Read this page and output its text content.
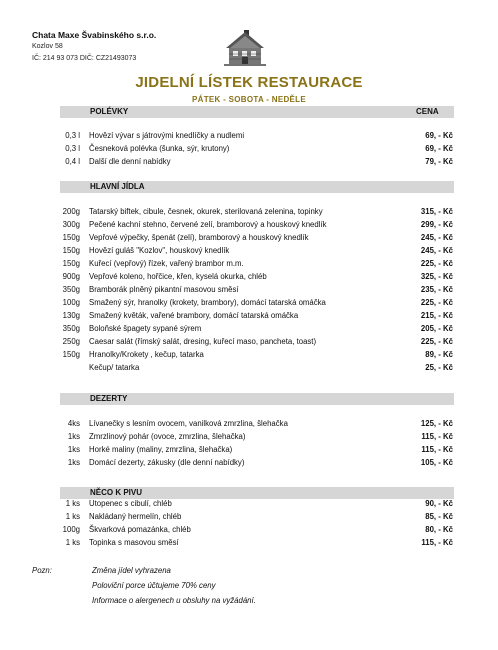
Chata Maxe Švabinského s.r.o.
Kozlov 58
IČ: 214 93 073 DIČ: CZ21493073
JIDELNÍ LÍSTEK RESTAURACE
PÁTEK - SOBOTA - NEDĚLE
POLÉVKY	CENA
0,3 l Hovězí vývar s játrovými knedlíčky a nudlemi	69, - Kč
0,3 l Česneková polévka (šunka, sýr, krutony)	69, - Kč
0,4 l Další dle denní nabídky	79, - Kč
HLAVNÍ JÍDLA
200g Tatarský biftek, cibule, česnek, okurek, sterilovaná zelenina, topinky	315, - Kč
300g Pečené kachní stehno, červené zelí, bramborový a houskový knedlík	299, - Kč
150g Vepřové výpečky, špenát (zelí), bramborový a houskový knedlík	245, - Kč
150g Hovězí guláš "Kozlov", houskový knedlík	245, - Kč
150g Kuřecí (vepřový) řízek, vařený brambor m.m.	225, - Kč
900g Vepřové koleno, hořčice, křen, kyselá okurka, chléb	325, - Kč
350g Bramborák plněný pikantní masovou směsí	235, - Kč
100g Smažený sýr, hranolky (krokety, brambory), domácí tatarská omáčka	225, - Kč
130g Smažený květák, vařené brambory, domácí tatarská omáčka	215, - Kč
350g Boloňské špagety sypané sýrem	205, - Kč
250g Caesar salát (římský salát, dresing, kuřecí maso, pancheta, toast)	225, - Kč
150g Hranolky/Krokety , kečup, tatarka	89, - Kč
Kečup/ tatarka	25, - Kč
DEZERTY
4ks Lívanečky s lesním ovocem, vanilková zmrzlina, šlehačka	125, - Kč
1ks Zmrzlinový pohár (ovoce, zmrzlina, šlehačka)	115, - Kč
1ks Horké maliny (maliny, zmrzlina, šlehačka)	115, - Kč
1ks Domácí dezerty, zákusky (dle denní nabídky)	105, - Kč
NĚCO K PIVU
1 ks Utopenec s cibulí, chléb	90, - Kč
1 ks Nakládaný hermelín, chléb	85, - Kč
100g Škvarková pomazánka, chléb	80, - Kč
1 ks Topinka s masovou směsí	115, - Kč
Pozn:	Změna jídel vyhrazena
Poloviční porce účtujeme 70% ceny
Informace o alergenech u obsluhy na vyžádání.
